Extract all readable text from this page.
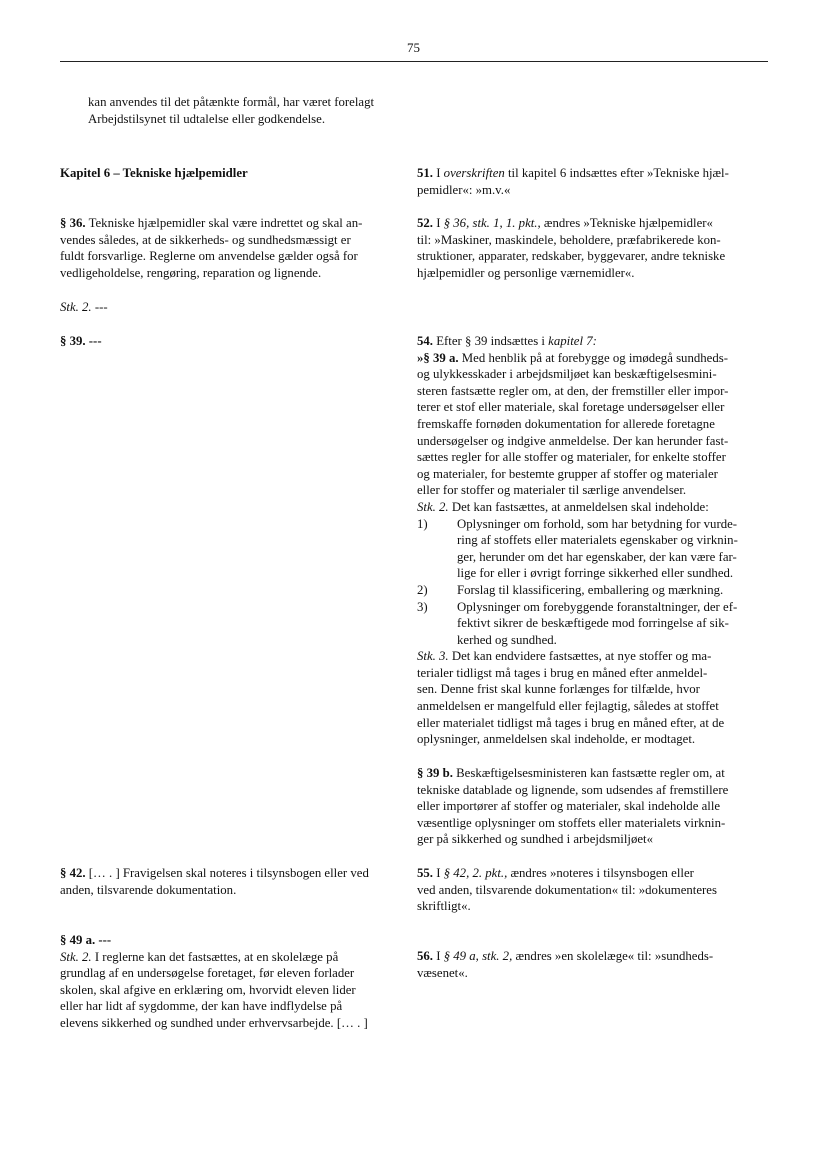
75

kan anvendes til det påtænkte formål, har været forelagt

Arbejdstilsynet til udtalelse eller godkendelse.

Kapitel 6 – Tekniske hjælpemidler

§ 36. Tekniske hjælpemidler skal være indrettet og skal an-

vendes således, at de sikkerheds- og sundhedsmæssigt er

fuldt forsvarlige. Reglerne om anvendelse gælder også for

vedligeholdelse, rengøring, reparation og lignende.

Stk. 2. ---
§ 39. ---

§ 42. [… . ] Fravigelsen skal noteres i tilsynsbogen eller ved

anden, tilsvarende dokumentation.

§ 49 a. ---

Stk. 2. I reglerne kan det fastsættes, at en skolelæge på

grundlag af en undersøgelse foretaget, før eleven forlader

skolen, skal afgive en erklæring om, hvorvidt eleven lider

eller har lidt af sygdomme, der kan have indflydelse på

elevens sikkerhed og sundhed under erhvervsarbejde. [… . ]

51. I overskriften til kapitel 6 indsættes efter »Tekniske hjæl-

pemidler«: »m.v.«

52. I § 36, stk. 1, 1. pkt., ændres »Tekniske hjælpemidler«

til: »Maskiner, maskindele, beholdere, præfabrikerede kon-

struktioner, apparater, redskaber, byggevarer, andre tekniske

hjælpemidler og personlige værnemidler«.

54. Efter § 39 indsættes i kapitel 7:

»§ 39 a. Med henblik på at forebygge og imødegå sundheds-

og ulykkesskader i arbejdsmiljøet kan beskæftigelsesmini-

steren fastsætte regler om, at den, der fremstiller eller impor-

terer et stof eller materiale, skal foretage undersøgelser eller

fremskaffe fornøden dokumentation for allerede foretagne

undersøgelser og indgive anmeldelse. Der kan herunder fast-

sættes regler for alle stoffer og materialer, for enkelte stoffer

og materialer, for bestemte grupper af stoffer og materialer

eller for stoffer og materialer til særlige anvendelser.

Stk. 2. Det kan fastsættes, at anmeldelsen skal indeholde:

1)	Oplysninger om forhold, som har betydning for vurde-

ring af stoffets eller materialets egenskaber og virknin-

ger, herunder om det har egenskaber, der kan være far-

lige for eller i øvrigt forringe sikkerhed eller sundhed.

2)	Forslag til klassificering, emballering og mærkning.

3)	Oplysninger om forebyggende foranstaltninger, der ef-

fektivt sikrer de beskæftigede mod forringelse af sik-

kerhed og sundhed.

Stk. 3. Det kan endvidere fastsættes, at nye stoffer og ma-

terialer tidligst må tages i brug en måned efter anmeldel-

sen. Denne frist skal kunne forlænges for tilfælde, hvor

anmeldelsen er mangelfuld eller fejlagtig, således at stoffet

eller materialet tidligst må tages i brug en måned efter, at de

oplysninger, anmeldelsen skal indeholde, er modtaget.

§ 39 b. Beskæftigelsesministeren kan fastsætte regler om, at

tekniske datablade og lignende, som udsendes af fremstillere

eller importører af stoffer og materialer, skal indeholde alle

væsentlige oplysninger om stoffets eller materialets virknin-

ger på sikkerhed og sundhed i arbejdsmiljøet«

55. I § 42, 2. pkt., ændres »noteres i tilsynsbogen eller

ved anden, tilsvarende dokumentation« til: »dokumenteres

skriftligt«.

56. I § 49 a, stk. 2, ændres »en skolelæge« til: »sundheds-

væsenet«.
